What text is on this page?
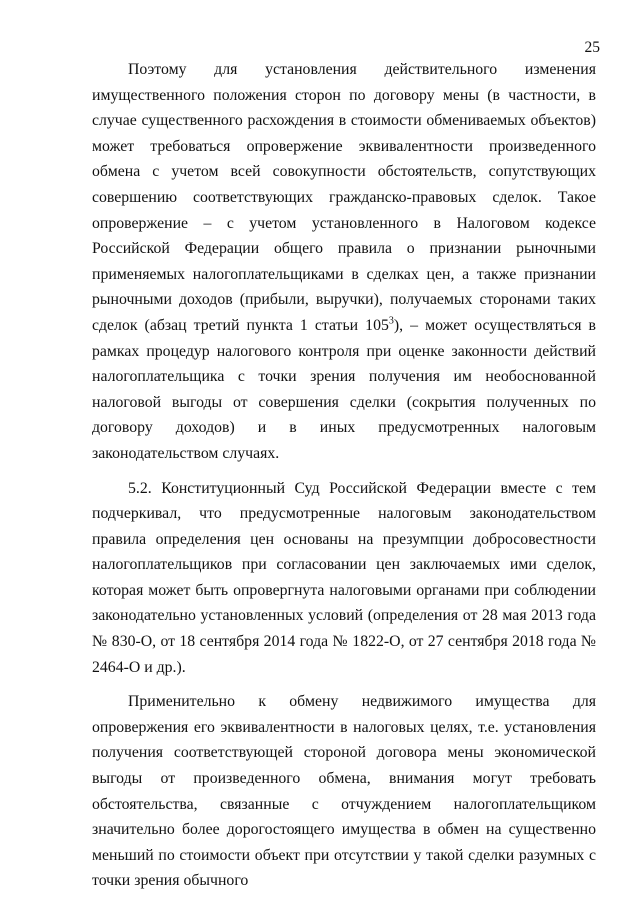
25

Поэтому для установления действительного изменения имущественного положения сторон по договору мены (в частности, в случае существенного расхождения в стоимости обмениваемых объектов) может требоваться опровержение эквивалентности произведенного обмена с учетом всей совокупности обстоятельств, сопутствующих совершению соответствующих гражданско-правовых сделок. Такое опровержение – с учетом установленного в Налоговом кодексе Российской Федерации общего правила о признании рыночными применяемых налогоплательщиками в сделках цен, а также признании рыночными доходов (прибыли, выручки), получаемых сторонами таких сделок (абзац третий пункта 1 статьи $105^3$), – может осуществляться в рамках процедур налогового контроля при оценке законности действий налогоплательщика с точки зрения получения им необоснованной налоговой выгоды от совершения сделки (сокрытия полученных по договору доходов) и в иных предусмотренных налоговым законодательством случаях.

5.2. Конституционный Суд Российской Федерации вместе с тем подчеркивал, что предусмотренные налоговым законодательством правила определения цен основаны на презумпции добросовестности налогоплательщиков при согласовании цен заключаемых ими сделок, которая может быть опровергнута налоговыми органами при соблюдении законодательно установленных условий (определения от 28 мая 2013 года № 830-О, от 18 сентября 2014 года № 1822-О, от 27 сентября 2018 года № 2464-О и др.).

Применительно к обмену недвижимого имущества для опровержения его эквивалентности в налоговых целях, т.е. установления получения соответствующей стороной договора мены экономической выгоды от произведенного обмена, внимания могут требовать обстоятельства, связанные с отчуждением налогоплательщиком значительно более дорогостоящего имущества в обмен на существенно меньший по стоимости объект при отсутствии у такой сделки разумных с точки зрения обычного
